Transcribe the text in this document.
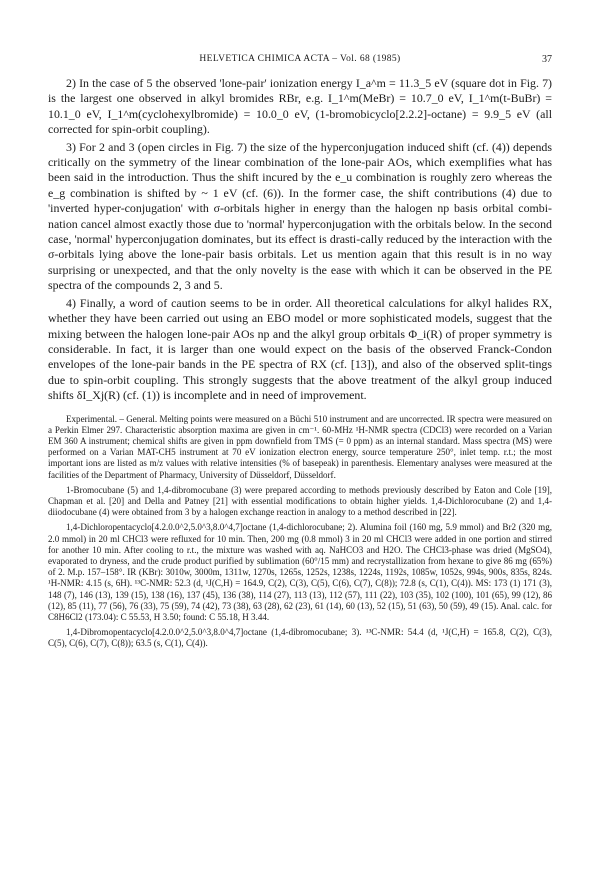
HELVETICA CHIMICA ACTA – Vol. 68 (1985)	37

2) In the case of 5 the observed 'lone-pair' ionization energy I_a^m = 11.3_5 eV (square dot in Fig. 7) is the largest one observed in alkyl bromides RBr, e.g. I_1^m(MeBr) = 10.7_0 eV, I_1^m(t-BuBr) = 10.1_0 eV, I_1^m(cyclohexylbromide) = 10.0_0 eV, (1-bromobicyclo[2.2.2]-octane) = 9.9_5 eV (all corrected for spin-orbit coupling).

3) For 2 and 3 (open circles in Fig. 7) the size of the hyperconjugation induced shift (cf. (4)) depends critically on the symmetry of the linear combination of the lone-pair AOs, which exemplifies what has been said in the introduction. Thus the shift incured by the e_u combination is roughly zero whereas the e_g combination is shifted by ~ 1 eV (cf. (6)). In the former case, the shift contributions (4) due to 'inverted hyper-conjugation' with σ-orbitals higher in energy than the halogen np basis orbital combi-nation cancel almost exactly those due to 'normal' hyperconjugation with the orbitals below. In the second case, 'normal' hyperconjugation dominates, but its effect is drasti-cally reduced by the interaction with the σ-orbitals lying above the lone-pair basis orbitals. Let us mention again that this result is in no way surprising or unexpected, and that the only novelty is the ease with which it can be observed in the PE spectra of the compounds 2, 3 and 5.

4) Finally, a word of caution seems to be in order. All theoretical calculations for alkyl halides RX, whether they have been carried out using an EBO model or more sophisticated models, suggest that the mixing between the halogen lone-pair AOs np and the alkyl group orbitals Φ_i(R) of proper symmetry is considerable. In fact, it is larger than one would expect on the basis of the observed Franck-Condon envelopes of the lone-pair bands in the PE spectra of RX (cf. [13]), and also of the observed split-tings due to spin-orbit coupling. This strongly suggests that the above treatment of the alkyl group induced shifts δI_Xj(R) (cf. (1)) is incomplete and in need of improvement.

Experimental. – General. Melting points were measured on a Büchi 510 instrument and are uncorrected. IR spectra were measured on a Perkin Elmer 297. Characteristic absorption maxima are given in cm⁻¹. 60-MHz ¹H-NMR spectra (CDCl3) were recorded on a Varian EM 360 A instrument; chemical shifts are given in ppm downfield from TMS (= 0 ppm) as an internal standard. Mass spectra (MS) were performed on a Varian MAT-CH5 instrument at 70 eV ionization electron energy, source temperature 250°, inlet temp. r.t.; the most important ions are listed as m/z values with relative intensities (% of basepeak) in parenthesis. Elementary analyses were measured at the facilities of the Department of Pharmacy, University of Düsseldorf, Düsseldorf.

1-Bromocubane (5) and 1,4-dibromocubane (3) were prepared according to methods previously described by Eaton and Cole [19], Chapman et al. [20] and Della and Patney [21] with essential modifications to obtain higher yields. 1,4-Dichlorocubane (2) and 1,4-diiodocubane (4) were obtained from 3 by a halogen exchange reaction in analogy to a method described in [22].

1,4-Dichloropentacyclo[4.2.0.0^2,5.0^3,8.0^4,7]octane (1,4-dichlorocubane; 2). Alumina foil (160 mg, 5.9 mmol) and Br2 (320 mg, 2.0 mmol) in 20 ml CHCl3 were refluxed for 10 min. Then, 200 mg (0.8 mmol) 3 in 20 ml CHCl3 were added in one portion and stirred for another 10 min. After cooling to r.t., the mixture was washed with aq. NaHCO3 and H2O. The CHCl3-phase was dried (MgSO4), evaporated to dryness, and the crude product purified by sublimation (60°/15 mm) and recrystallization from hexane to give 86 mg (65%) of 2. M.p. 157–158°. IR (KBr): 3010w, 3000m, 1311w, 1270s, 1265s, 1252s, 1238s, 1224s, 1192s, 1085w, 1052s, 994s, 900s, 835s, 824s. ¹H-NMR: 4.15 (s, 6H). ¹³C-NMR: 52.3 (d, ¹J(C,H) = 164.9, C(2), C(3), C(5), C(6), C(7), C(8)); 72.8 (s, C(1), C(4)). MS: 173 (1) 171 (3), 148 (7), 146 (13), 139 (15), 138 (16), 137 (45), 136 (38), 114 (27), 113 (13), 112 (57), 111 (22), 103 (35), 102 (100), 101 (65), 99 (12), 86 (12), 85 (11), 77 (56), 76 (33), 75 (59), 74 (42), 73 (38), 63 (28), 62 (23), 61 (14), 60 (13), 52 (15), 51 (63), 50 (59), 49 (15). Anal. calc. for C8H6Cl2 (173.04): C 55.53, H 3.50; found: C 55.18, H 3.44.

1,4-Dibromopentacyclo[4.2.0.0^2,5.0^3,8.0^4,7]octane (1,4-dibromocubane; 3). ¹³C-NMR: 54.4 (d, ¹J(C,H) = 165.8, C(2), C(3), C(5), C(6), C(7), C(8)); 63.5 (s, C(1), C(4)).
